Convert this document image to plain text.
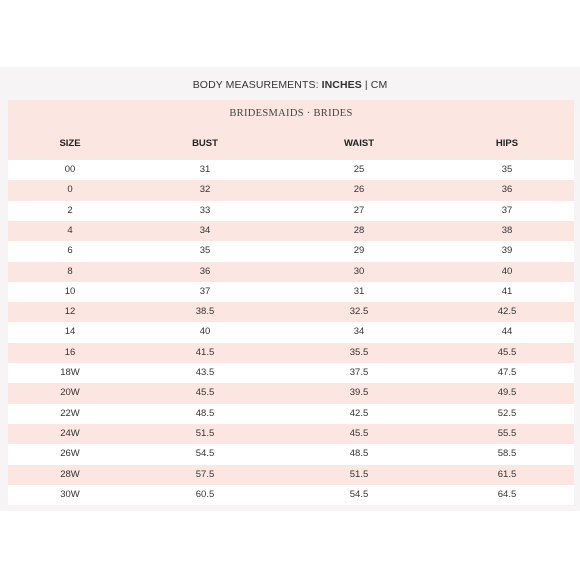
BODY MEASUREMENTS: INCHES | CM
BRIDESMAIDS · BRIDES
SIZE	BUST	WAIST	HIPS
00	31	25	35
0	32	26	36
2	33	27	37
4	34	28	38
6	35	29	39
8	36	30	40
10	37	31	41
12	38.5	32.5	42.5
14	40	34	44
16	41.5	35.5	45.5
18W	43.5	37.5	47.5
20W	45.5	39.5	49.5
22W	48.5	42.5	52.5
24W	51.5	45.5	55.5
26W	54.5	48.5	58.5
28W	57.5	51.5	61.5
30W	60.5	54.5	64.5
